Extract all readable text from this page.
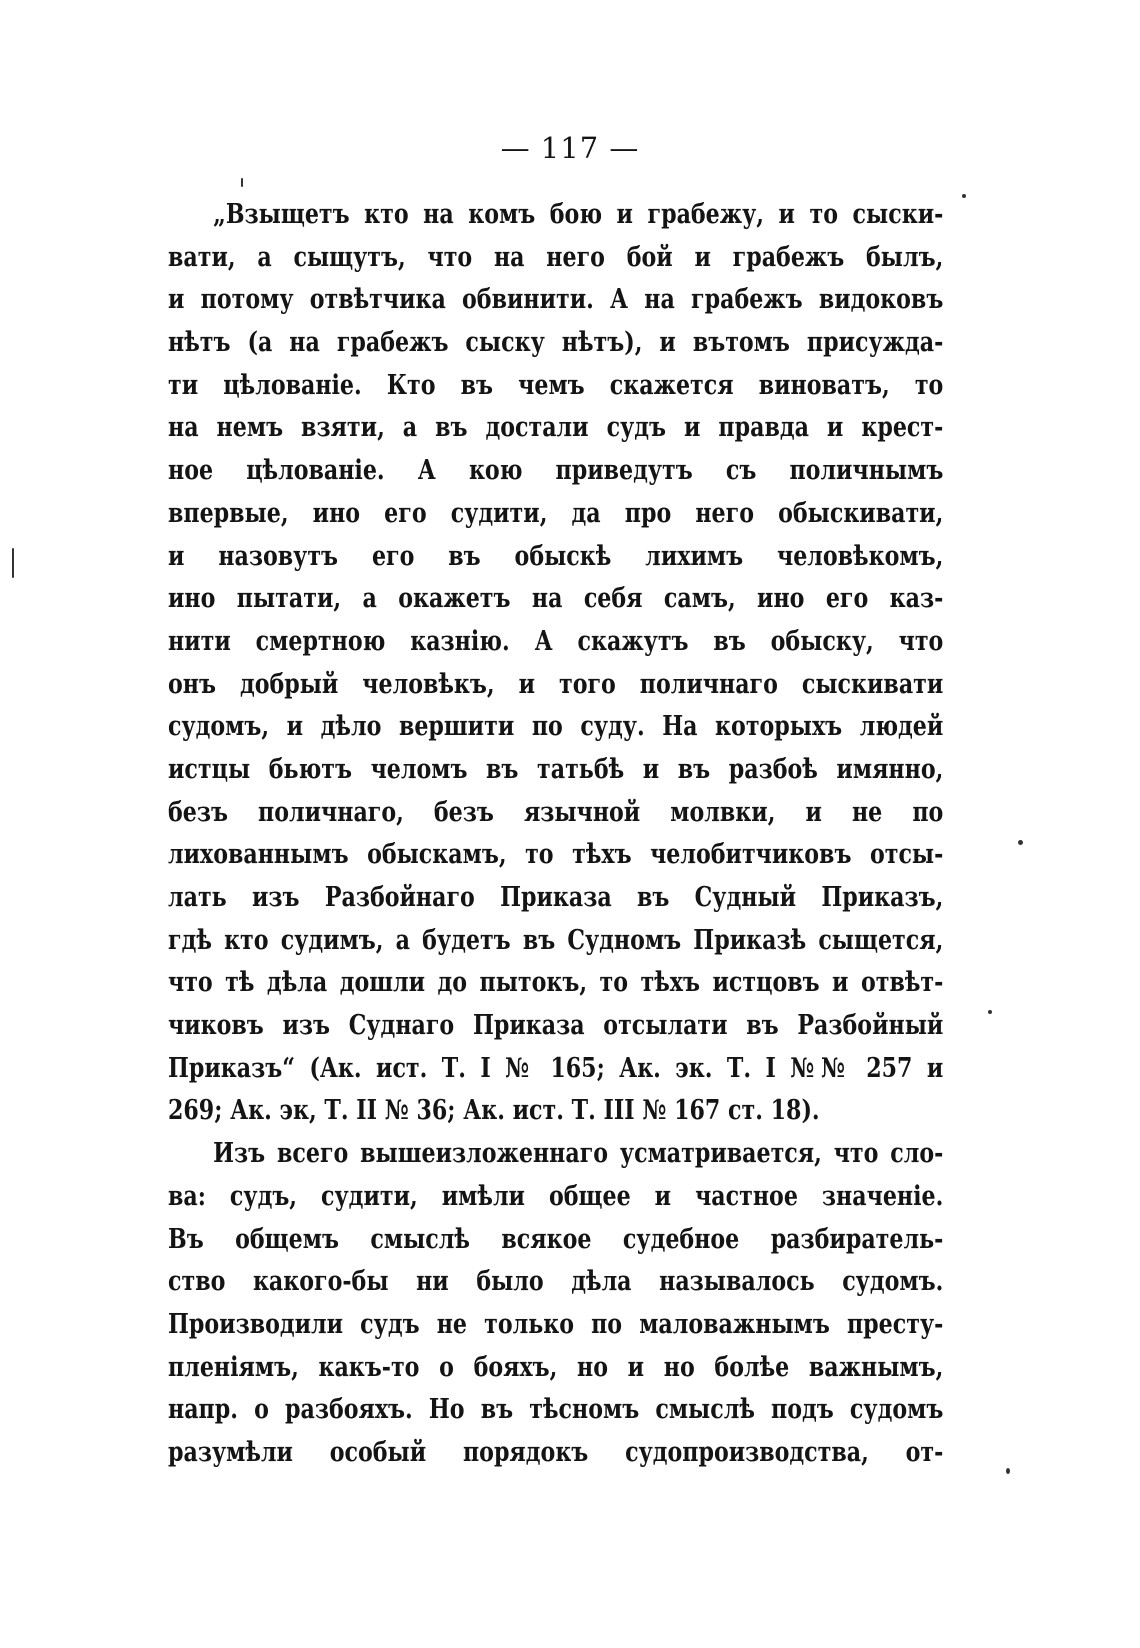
— 117 —
„Взыщетъ кто на комъ бою и грабежу, и то сыски-
вати, а сыщутъ, что на него бой и грабежъ былъ,
и потому отвѣтчика обвинити. А на грабежъ видоковъ
нѣтъ (а на грабежъ сыску нѣтъ), и вътомъ присужда-
ти цѣлованіе. Кто въ чемъ скажется виноватъ, то
на немъ взяти, а въ достали судъ и правда и крест-
ное цѣлованіе. А кою приведутъ съ поличнымъ
впервые, ино его судити, да про него обыскивати,
и назовутъ его въ обыскѣ лихимъ человѣкомъ,
ино пытати, а окажетъ на себя самъ, ино его каз-
нити смертною казнію. А скажутъ въ обыску, что
онъ добрый человѣкъ, и того поличнаго сыскивати
судомъ, и дѣло вершити по суду. На которыхъ людей
истцы бьютъ челомъ въ татьбѣ и въ разбоѣ имянно,
безъ поличнаго, безъ язычной молвки, и не по
лихованнымъ обыскамъ, то тѣхъ челобитчиковъ отсы-
лать изъ Разбойнаго Приказа въ Судный Приказъ,
гдѣ кто судимъ, а будетъ въ Судномъ Приказѣ сыщется,
что тѣ дѣла дошли до пытокъ, то тѣхъ истцовъ и отвѣт-
чиковъ изъ Суднаго Приказа отсылати въ Разбойный
Приказъ“ (Ак. ист. Т. I № 165; Ак. эк. Т. I №№ 257 и
269; Ак. эк, Т. II № 36; Ак. ист. Т. III № 167 ст. 18).
Изъ всего вышеизложеннаго усматривается, что сло-
ва: судъ, судити, имѣли общее и частное значеніе.
Въ общемъ смыслѣ всякое судебное разбиратель-
ство какого-бы ни было дѣла называлось судомъ.
Производили судъ не только по маловажнымъ престу-
пленіямъ, какъ-то о бояхъ, но и но болѣе важнымъ,
напр. о разбояхъ. Но въ тѣсномъ смыслѣ подъ судомъ
разумѣли особый порядокъ судопроизводства, от-
